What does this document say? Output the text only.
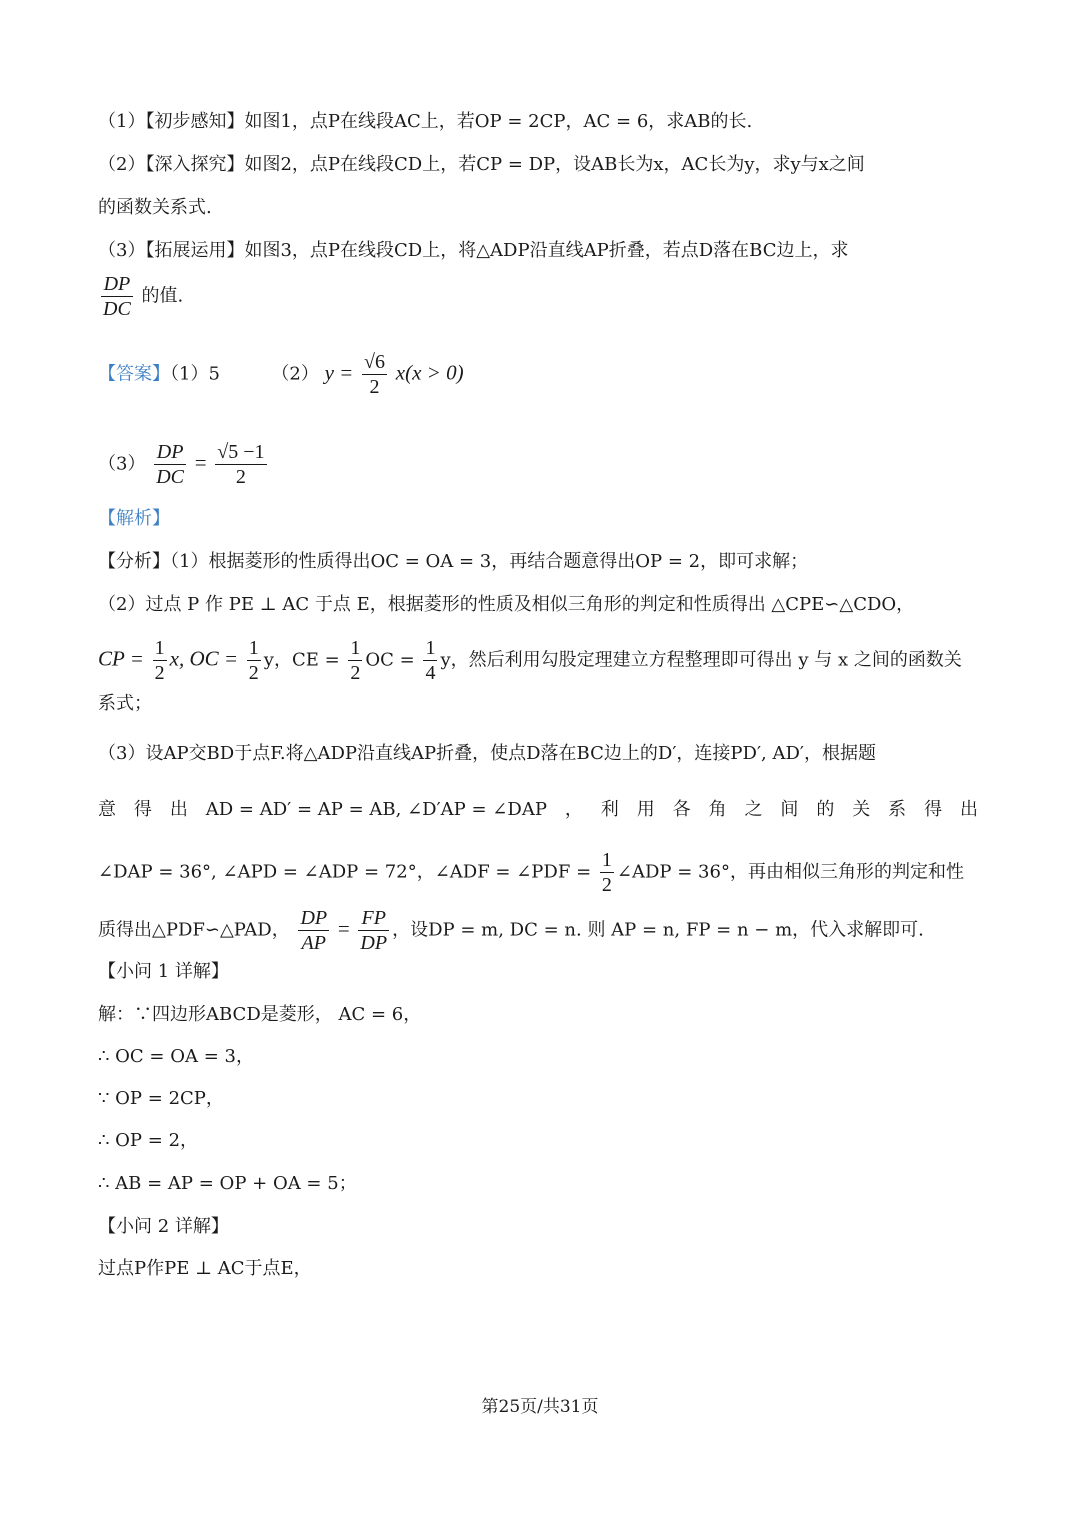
（1）【初步感知】如图1，点P在线段AC上，若OP = 2CP，AC = 6，求AB的长.
（2）【深入探究】如图2，点P在线段CD上，若CP = DP，设AB长为x，AC长为y，求y与x之间
的函数关系式.
（3）【拓展运用】如图3，点P在线段CD上，将△ADP沿直线AP折叠，若点D落在BC边上，求
$\frac{DP}{DC}$ 的值.
【答案】（1）5	（2） $y = \frac{√6}{2} x(x > 0)$
$(3) \frac{DP}{DC} = \frac{√5 -1}{2}$
【解析】
【分析】（1）根据菱形的性质得出OC = OA = 3，再结合题意得出OP = 2，即可求解；
（2）过点 P 作 PE ⊥ AC 于点 E，根据菱形的性质及相似三角形的判定和性质得出 △CPE∽△CDO，
CP = $\frac{1}{2} x$, OC = $\frac{1}{2}$ y，CE = $\frac{1}{2}$ OC = $\frac{1}{4}$ y，然后利用勾股定理建立方程整理即可得出 y 与 x 之间的函数关
系式；
（3）设AP交BD于点F.将△ADP沿直线AP折叠，使点D落在BC边上的D′，连接PD′, AD′，根据题
意 得 出 AD = AD′ = AP = AB, ∠D′AP = ∠DAP ， 利 用 各 角 之 间 的 关 系 得 出
∠DAP = 36°, ∠APD = ∠ADP = 72°，∠ADF = ∠PDF = $\frac{1}{2}$ ∠ADP = 36°，再由相似三角形的判定和性
质得出△PDF∽△PAD， $\frac{DP}{AP} = \frac{FP}{DP}$ ，设DP = m, DC = n. 则 AP = n, FP = n − m，代入求解即可.
【小问 1 详解】
解：∵四边形ABCD是菱形， AC = 6，
∴ OC = OA = 3，
∵ OP = 2CP，
∴ OP = 2，
∴ AB = AP = OP + OA = 5；
【小问 2 详解】
过点P作PE ⊥ AC于点E，
第25页/共31页
